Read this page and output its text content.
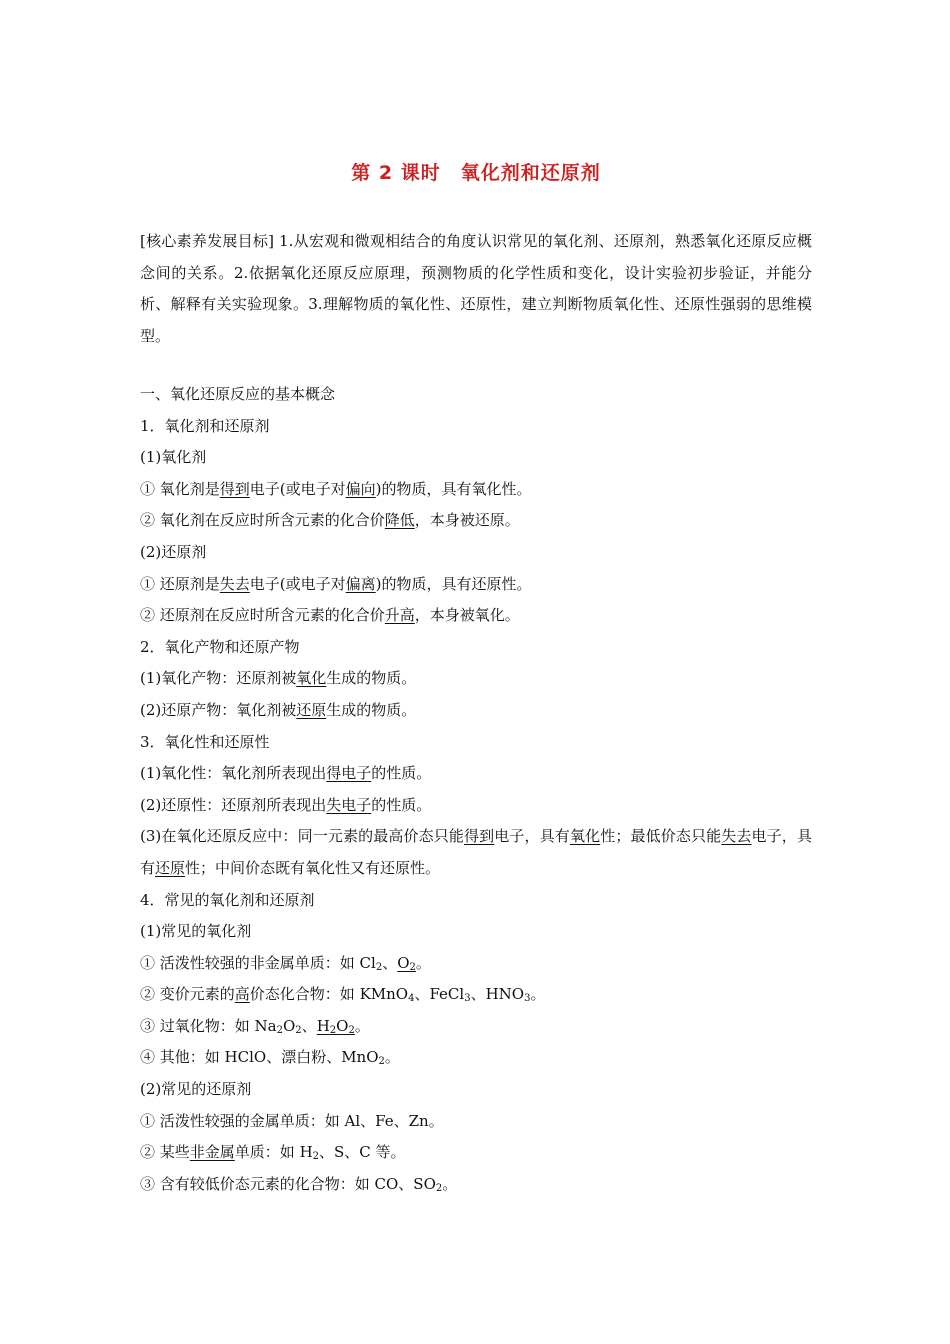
第 2 课时　氧化剂和还原剂
[核心素养发展目标] 1.从宏观和微观相结合的角度认识常见的氧化剂、还原剂，熟悉氧化还原反应概念间的关系。2.依据氧化还原反应原理，预测物质的化学性质和变化，设计实验初步验证，并能分析、解释有关实验现象。3.理解物质的氧化性、还原性，建立判断物质氧化性、还原性强弱的思维模型。
一、氧化还原反应的基本概念
1．氧化剂和还原剂
(1)氧化剂
① 氧化剂是得到电子(或电子对偏向)的物质，具有氧化性。
② 氧化剂在反应时所含元素的化合价降低，本身被还原。
(2)还原剂
① 还原剂是失去电子(或电子对偏离)的物质，具有还原性。
② 还原剂在反应时所含元素的化合价升高，本身被氧化。
2．氧化产物和还原产物
(1)氧化产物：还原剂被氧化生成的物质。
(2)还原产物：氧化剂被还原生成的物质。
3．氧化性和还原性
(1)氧化性：氧化剂所表现出得电子的性质。
(2)还原性：还原剂所表现出失电子的性质。
(3)在氧化还原反应中：同一元素的最高价态只能得到电子，具有氧化性；最低价态只能失去电子，具有还原性；中间价态既有氧化性又有还原性。
4．常见的氧化剂和还原剂
(1)常见的氧化剂
① 活泼性较强的非金属单质：如 $Cl_2$、$O_2$。
② 变价元素的高价态化合物：如 KMnO$_4$、FeCl$_3$、$HNO_3$。
③ 过氧化物：如 $Na_2O_2$、$H_2O_2$。
④ 其他：如 HClO、漂白粉、MnO$_2$。
(2)常见的还原剂
① 活泼性较强的金属单质：如 Al、Fe、Zn。
② 某些非金属单质：如 $H_2$、S、C 等。
③ 含有较低价态元素的化合物：如 CO、$SO_2$。
